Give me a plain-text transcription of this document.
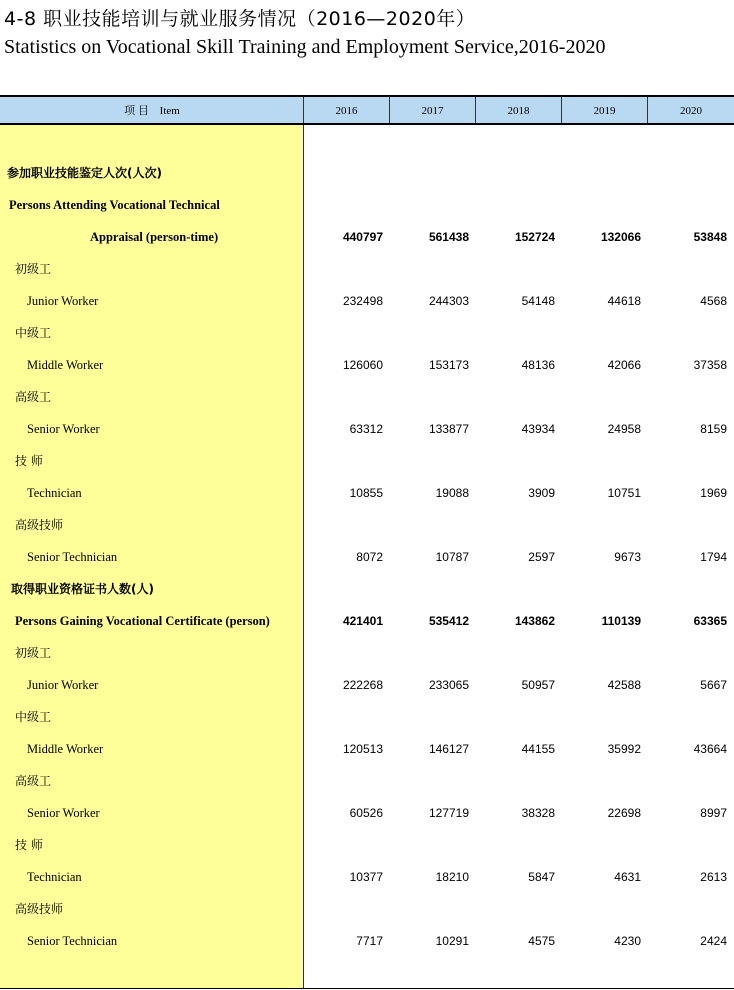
4-8 职业技能培训与就业服务情况（2016—2020年）
Statistics on Vocational Skill Training and Employment Service,2016-2020
项 目 Item	2016	2017	2018	2019	2020
参加职业技能鉴定人次(人次)
Persons Attending Vocational Technical
Appraisal (person-time)	440797	561438	152724	132066	53848
初级工
Junior Worker	232498	244303	54148	44618	4568
中级工
Middle Worker	126060	153173	48136	42066	37358
高级工
Senior Worker	63312	133877	43934	24958	8159
技 师
Technician	10855	19088	3909	10751	1969
高级技师
Senior Technician	8072	10787	2597	9673	1794
取得职业资格证书人数(人)
Persons Gaining Vocational Certificate (person)	421401	535412	143862	110139	63365
初级工
Junior Worker	222268	233065	50957	42588	5667
中级工
Middle Worker	120513	146127	44155	35992	43664
高级工
Senior Worker	60526	127719	38328	22698	8997
技 师
Technician	10377	18210	5847	4631	2613
高级技师
Senior Technician	7717	10291	4575	4230	2424
